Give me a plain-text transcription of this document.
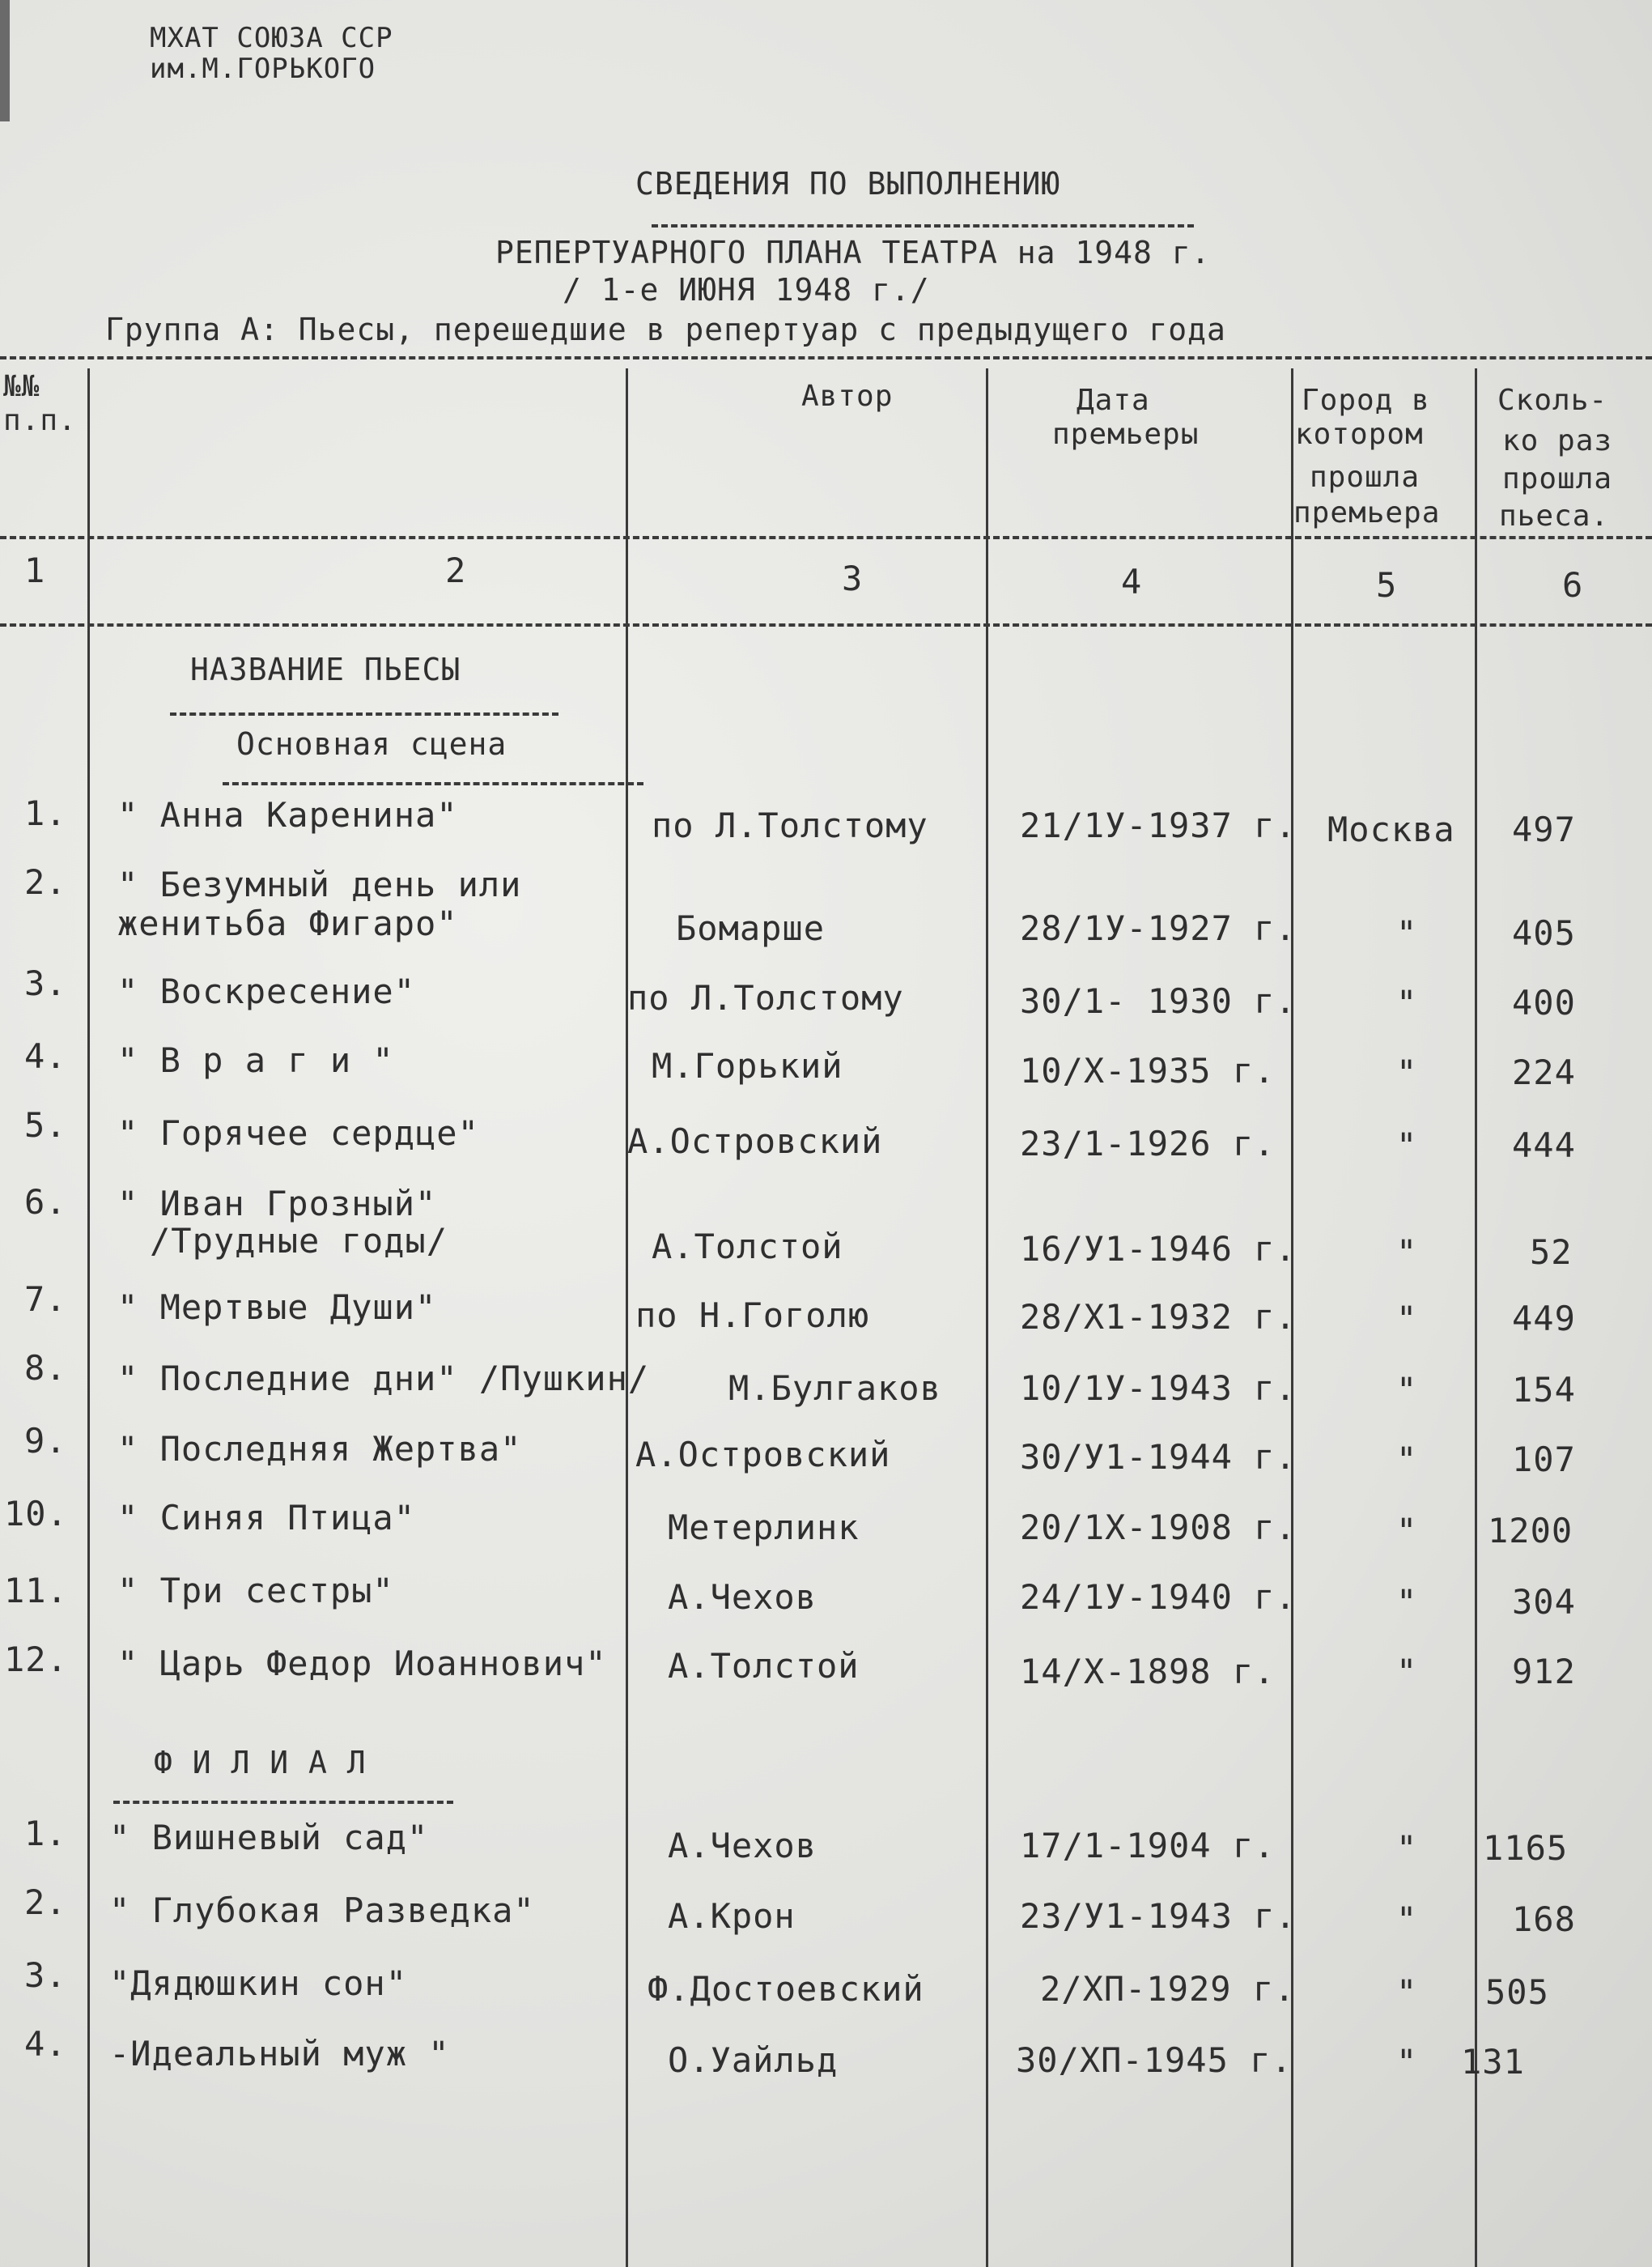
МХАТ СОЮЗА ССР
им.М.ГОРЬКОГО
СВЕДЕНИЯ ПО ВЫПОЛНЕНИЮ
РЕПЕРТУАРНОГО ПЛАНА ТЕАТРА на 1948 г.
/ 1-е ИЮНЯ 1948 г./
Группа А: Пьесы, перешедшие в репертуар с предыдущего года
№№
п.п.
Автор	Дата
премьеры
Город в
котором
прошла
премьера
Сколь-
ко раз
прошла
пьеса.
1	2	3	4	5	6
НАЗВАНИЕ ПЬЕСЫ
Основная сцена
1. " Анна Каренина"	по Л.Толстому	21/1У-1937 г. Москва 497
2. " Безумный день или
женитьба Фигаро"	Бомарше	28/1У-1927 г.	"	405
3. " Воскресение"	по Л.Толстому	30/1- 1930 г.	"	400
4. " В р а г и "	М.Горький	10/Х-1935 г.	"	224
5. " Горячее сердце"	А.Островский	23/1-1926 г.	"	444
6. " Иван Грозный"
/Трудные годы/	А.Толстой	16/У1-1946 г.	"	52
7. " Мертвые Души"	по Н.Гоголю	28/Х1-1932 г.	"	449
8. " Последние дни" /Пушкин/ М.Булгаков 10/1У-1943 г.	"	154
9. " Последняя Жертва"	А.Островский	30/У1-1944 г.	"	107
10. " Синяя Птица"	Метерлинк	20/1Х-1908 г.	" 1200
11. " Три сестры"	А.Чехов	24/1У-1940 г.	"	304
12. " Царь Федор Иоаннович" А.Толстой	14/Х-1898 г.	"	912
Ф И Л И А Л
1. " Вишневый сад"	А.Чехов	17/1-1904 г.	" 1165
2. " Глубокая Разведка"	А.Крон	23/У1-1943 г.	"	168
3. "Дядюшкин сон"	Ф.Достоевский	2/ХП-1929 г.	" 505
4. -Идеальный муж "	О.Уайльд	30/ХП-1945 г.	" 131
